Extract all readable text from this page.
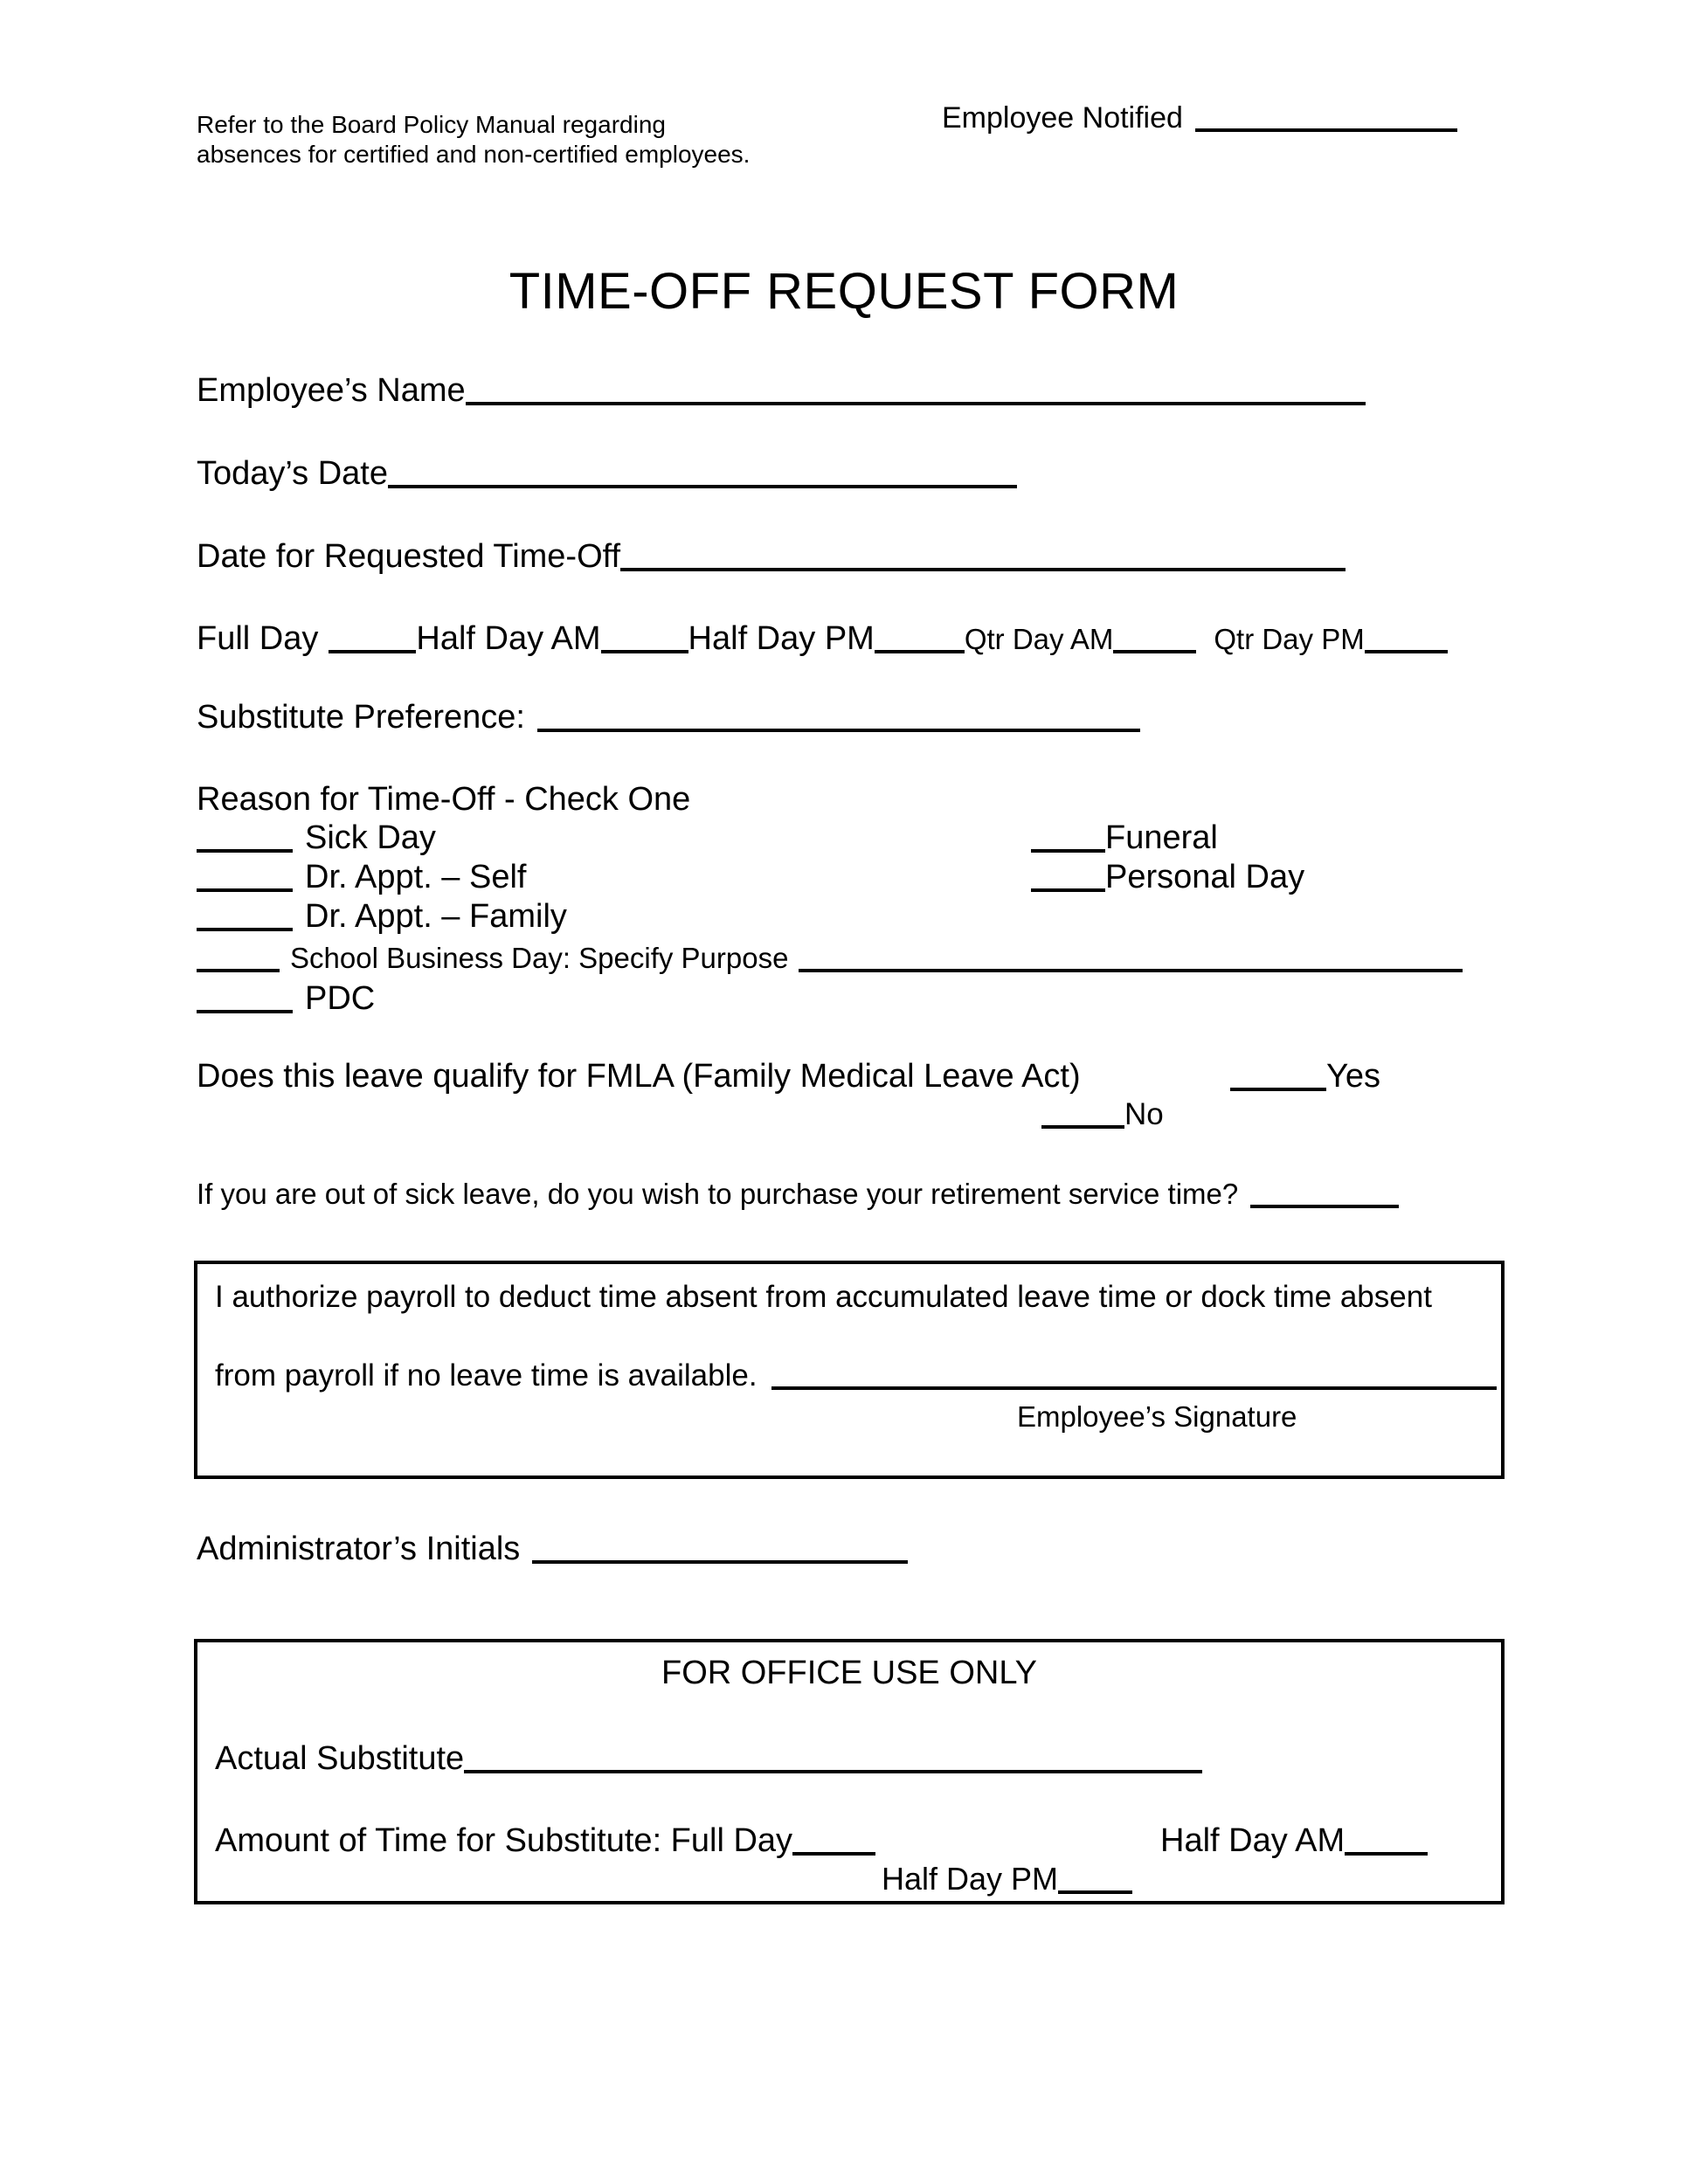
Refer to the Board Policy Manual regarding
absences for certified and non-certified employees.
Employee Notified
TIME-OFF REQUEST FORM
Employee’s Name
Today’s Date
Date for Requested Time-Off
Full Day	Half Day AM	Half Day PM	Qtr Day AM	Qtr Day PM
Substitute Preference:
Reason for Time-Off - Check One
Sick Day	Funeral
Dr. Appt. – Self	Personal Day
Dr. Appt. – Family
School Business Day: Specify Purpose
PDC
Does this leave qualify for FMLA (Family Medical Leave Act)	Yes
No
If you are out of sick leave, do you wish to purchase your retirement service time?
I authorize payroll to deduct time absent from accumulated leave time or dock time absent
from payroll if no leave time is available.
Employee’s Signature
Administrator’s Initials
FOR OFFICE USE ONLY
Actual Substitute
Amount of Time for Substitute: Full Day	Half Day AM
Half Day PM
